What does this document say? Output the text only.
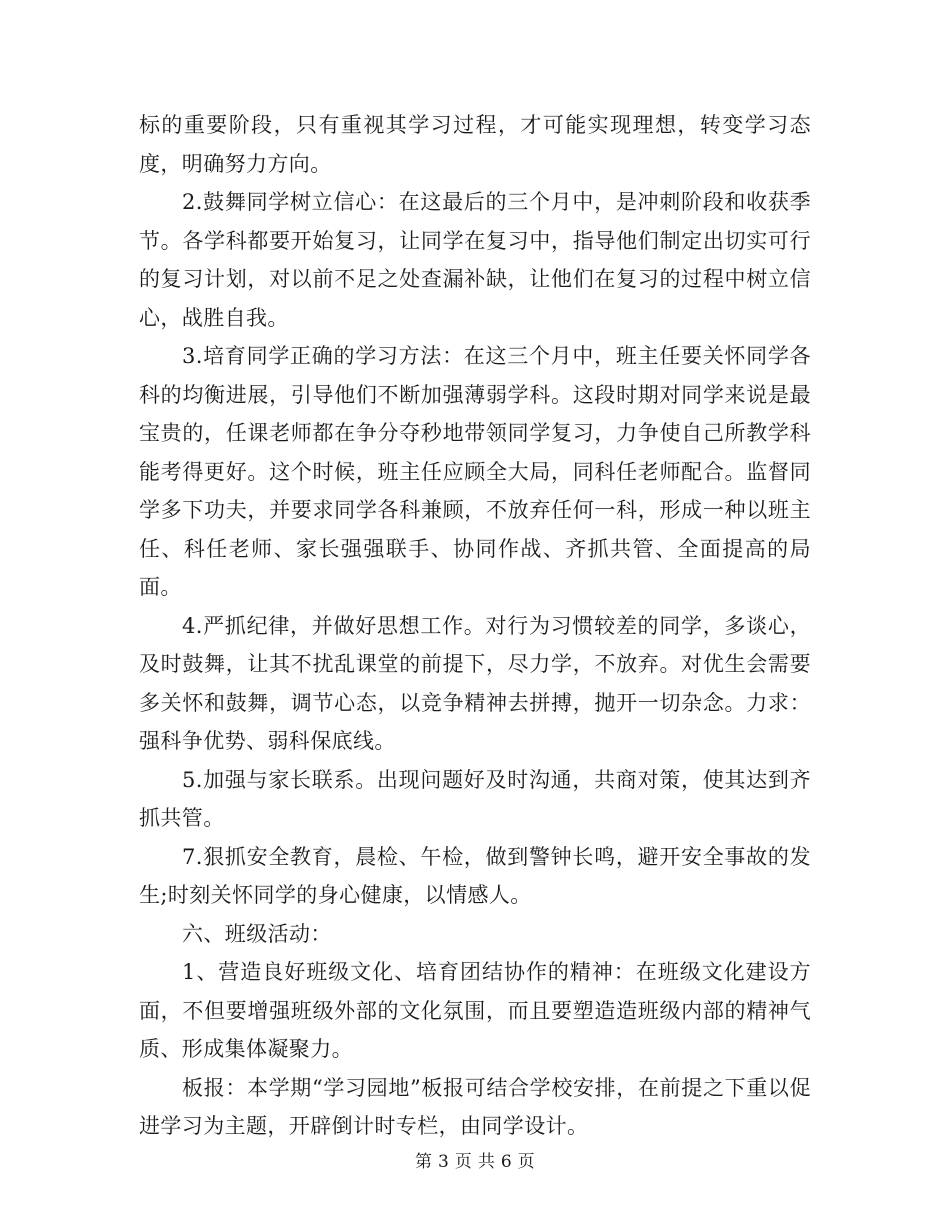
标的重要阶段，只有重视其学习过程，才可能实现理想，转变学习态度，明确努力方向。

2.鼓舞同学树立信心：在这最后的三个月中，是冲刺阶段和收获季节。各学科都要开始复习，让同学在复习中，指导他们制定出切实可行的复习计划，对以前不足之处查漏补缺，让他们在复习的过程中树立信心，战胜自我。

3.培育同学正确的学习方法：在这三个月中，班主任要关怀同学各科的均衡进展，引导他们不断加强薄弱学科。这段时期对同学来说是最宝贵的，任课老师都在争分夺秒地带领同学复习，力争使自己所教学科能考得更好。这个时候，班主任应顾全大局，同科任老师配合。监督同学多下功夫，并要求同学各科兼顾，不放弃任何一科，形成一种以班主任、科任老师、家长强强联手、协同作战、齐抓共管、全面提高的局面。

4.严抓纪律，并做好思想工作。对行为习惯较差的同学，多谈心，及时鼓舞，让其不扰乱课堂的前提下，尽力学，不放弃。对优生会需要多关怀和鼓舞，调节心态，以竞争精神去拼搏，抛开一切杂念。力求：强科争优势、弱科保底线。

5.加强与家长联系。出现问题好及时沟通，共商对策，使其达到齐抓共管。

7.狠抓安全教育，晨检、午检，做到警钟长鸣，避开安全事故的发生;时刻关怀同学的身心健康，以情感人。

六、班级活动：

1、营造良好班级文化、培育团结协作的精神：在班级文化建设方面，不但要增强班级外部的文化氛围，而且要塑造造班级内部的精神气质、形成集体凝聚力。

板报：本学期“学习园地”板报可结合学校安排，在前提之下重以促进学习为主题，开辟倒计时专栏，由同学设计。

第 3 页 共 6 页
